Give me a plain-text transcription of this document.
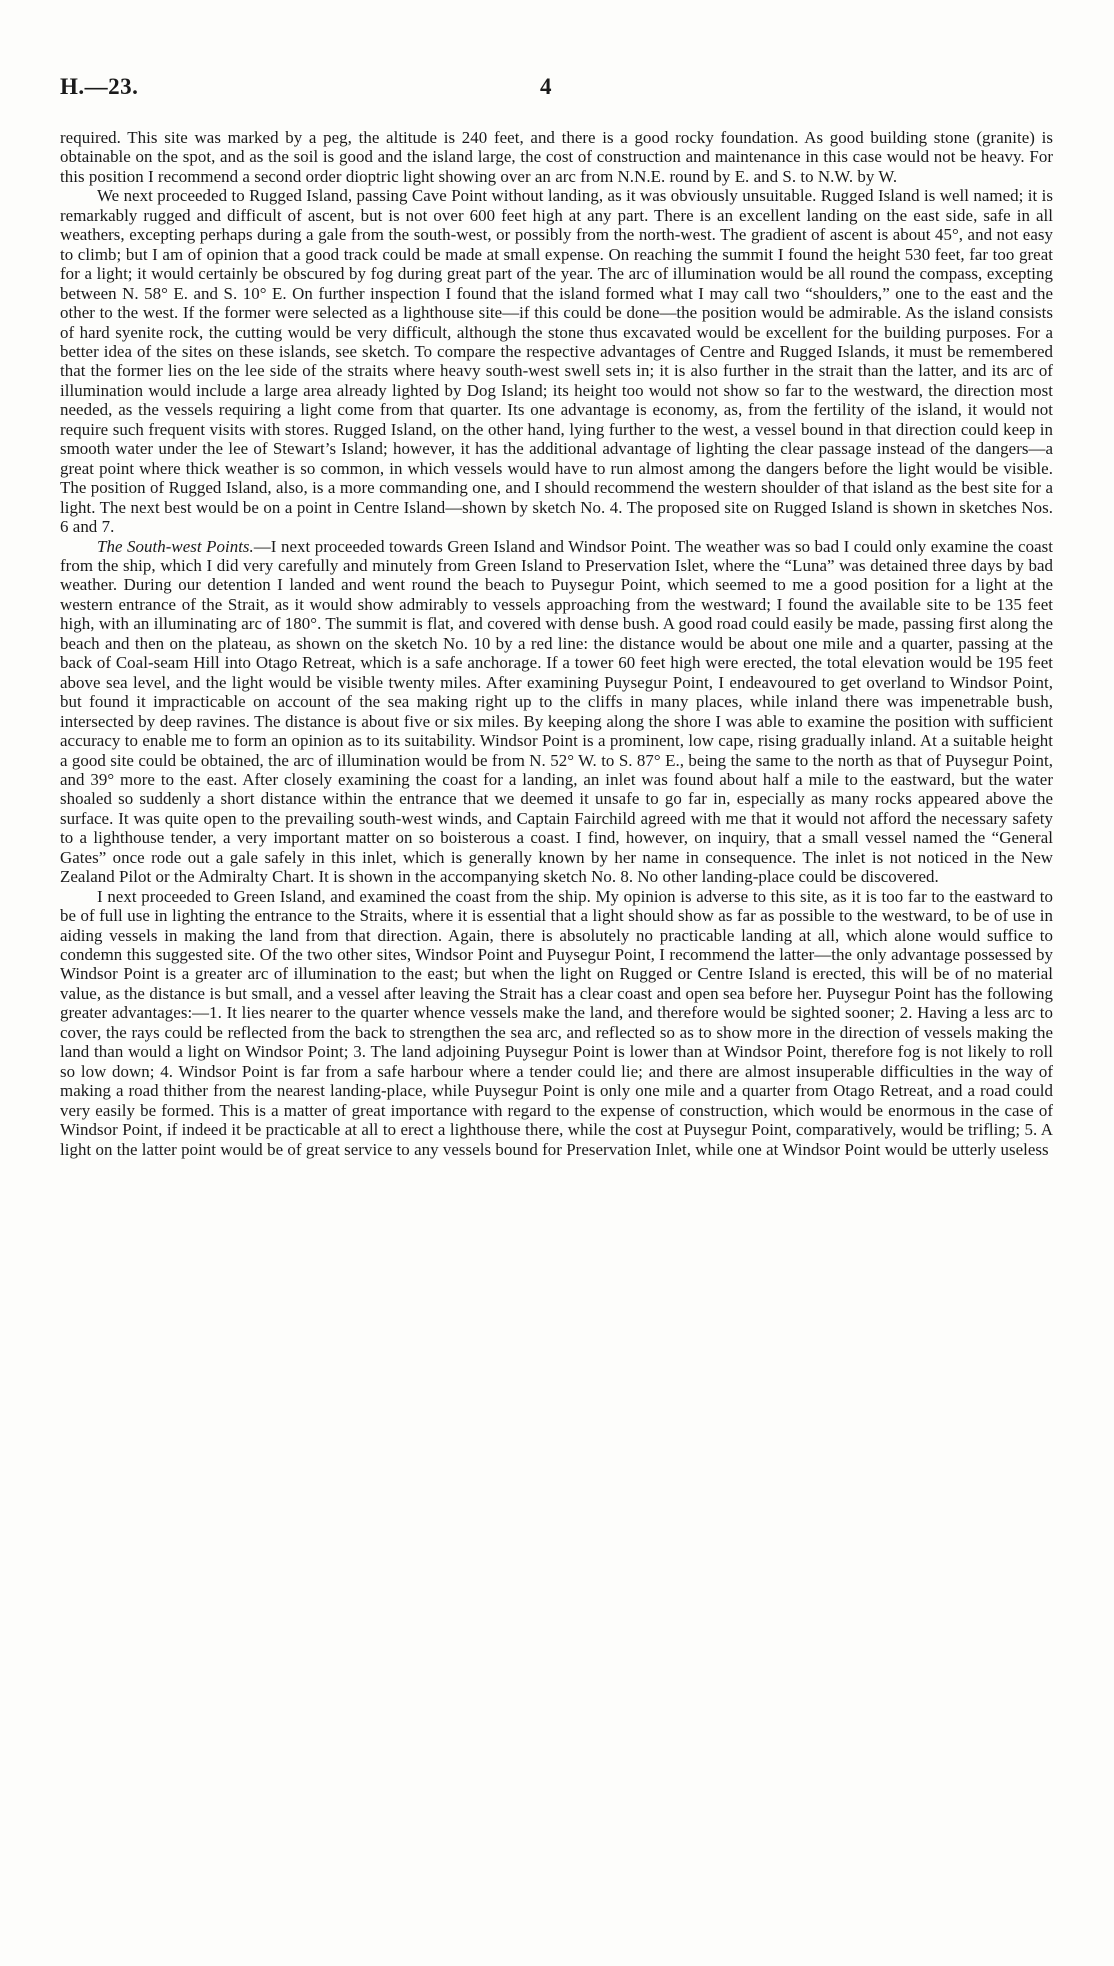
H.—23.	4

required. This site was marked by a peg, the altitude is 240 feet, and there is a good rocky foundation. As good building stone (granite) is obtainable on the spot, and as the soil is good and the island large, the cost of construction and maintenance in this case would not be heavy. For this position I recommend a second order dioptric light showing over an arc from N.N.E. round by E. and S. to N.W. by W.

We next proceeded to Rugged Island, passing Cave Point without landing, as it was obviously unsuitable. Rugged Island is well named; it is remarkably rugged and difficult of ascent, but is not over 600 feet high at any part. There is an excellent landing on the east side, safe in all weathers, excepting perhaps during a gale from the south-west, or possibly from the north-west. The gradient of ascent is about 45°, and not easy to climb; but I am of opinion that a good track could be made at small expense. On reaching the summit I found the height 530 feet, far too great for a light; it would certainly be obscured by fog during great part of the year. The arc of illumination would be all round the compass, excepting between N. 58° E. and S. 10° E. On further inspection I found that the island formed what I may call two “shoulders,” one to the east and the other to the west. If the former were selected as a lighthouse site—if this could be done—the position would be admirable. As the island consists of hard syenite rock, the cutting would be very difficult, although the stone thus excavated would be excellent for the building purposes. For a better idea of the sites on these islands, see sketch. To compare the respective advantages of Centre and Rugged Islands, it must be remembered that the former lies on the lee side of the straits where heavy south-west swell sets in; it is also further in the strait than the latter, and its arc of illumination would include a large area already lighted by Dog Island; its height too would not show so far to the westward, the direction most needed, as the vessels requiring a light come from that quarter. Its one advantage is economy, as, from the fertility of the island, it would not require such frequent visits with stores. Rugged Island, on the other hand, lying further to the west, a vessel bound in that direction could keep in smooth water under the lee of Stewart’s Island; however, it has the additional advantage of lighting the clear passage instead of the dangers—a great point where thick weather is so common, in which vessels would have to run almost among the dangers before the light would be visible. The position of Rugged Island, also, is a more commanding one, and I should recommend the western shoulder of that island as the best site for a light. The next best would be on a point in Centre Island—shown by sketch No. 4. The proposed site on Rugged Island is shown in sketches Nos. 6 and 7.

The South-west Points.—I next proceeded towards Green Island and Windsor Point. The weather was so bad I could only examine the coast from the ship, which I did very carefully and minutely from Green Island to Preservation Islet, where the “Luna” was detained three days by bad weather. During our detention I landed and went round the beach to Puysegur Point, which seemed to me a good position for a light at the western entrance of the Strait, as it would show admirably to vessels approaching from the westward; I found the available site to be 135 feet high, with an illuminating arc of 180°. The summit is flat, and covered with dense bush. A good road could easily be made, passing first along the beach and then on the plateau, as shown on the sketch No. 10 by a red line: the distance would be about one mile and a quarter, passing at the back of Coal-seam Hill into Otago Retreat, which is a safe anchorage. If a tower 60 feet high were erected, the total elevation would be 195 feet above sea level, and the light would be visible twenty miles. After examining Puysegur Point, I endeavoured to get overland to Windsor Point, but found it impracticable on account of the sea making right up to the cliffs in many places, while inland there was impenetrable bush, intersected by deep ravines. The distance is about five or six miles. By keeping along the shore I was able to examine the position with sufficient accuracy to enable me to form an opinion as to its suitability. Windsor Point is a prominent, low cape, rising gradually inland. At a suitable height a good site could be obtained, the arc of illumination would be from N. 52° W. to S. 87° E., being the same to the north as that of Puysegur Point, and 39° more to the east. After closely examining the coast for a landing, an inlet was found about half a mile to the eastward, but the water shoaled so suddenly a short distance within the entrance that we deemed it unsafe to go far in, especially as many rocks appeared above the surface. It was quite open to the prevailing south-west winds, and Captain Fairchild agreed with me that it would not afford the necessary safety to a lighthouse tender, a very important matter on so boisterous a coast. I find, however, on inquiry, that a small vessel named the “General Gates” once rode out a gale safely in this inlet, which is generally known by her name in consequence. The inlet is not noticed in the New Zealand Pilot or the Admiralty Chart. It is shown in the accompanying sketch No. 8. No other landing-place could be discovered.

I next proceeded to Green Island, and examined the coast from the ship. My opinion is adverse to this site, as it is too far to the eastward to be of full use in lighting the entrance to the Straits, where it is essential that a light should show as far as possible to the westward, to be of use in aiding vessels in making the land from that direction. Again, there is absolutely no practicable landing at all, which alone would suffice to condemn this suggested site. Of the two other sites, Windsor Point and Puysegur Point, I recommend the latter—the only advantage possessed by Windsor Point is a greater arc of illumination to the east; but when the light on Rugged or Centre Island is erected, this will be of no material value, as the distance is but small, and a vessel after leaving the Strait has a clear coast and open sea before her. Puysegur Point has the following greater advantages:—1. It lies nearer to the quarter whence vessels make the land, and therefore would be sighted sooner; 2. Having a less arc to cover, the rays could be reflected from the back to strengthen the sea arc, and reflected so as to show more in the direction of vessels making the land than would a light on Windsor Point; 3. The land adjoining Puysegur Point is lower than at Windsor Point, therefore fog is not likely to roll so low down; 4. Windsor Point is far from a safe harbour where a tender could lie; and there are almost insuperable difficulties in the way of making a road thither from the nearest landing-place, while Puysegur Point is only one mile and a quarter from Otago Retreat, and a road could very easily be formed. This is a matter of great importance with regard to the expense of construction, which would be enormous in the case of Windsor Point, if indeed it be practicable at all to erect a lighthouse there, while the cost at Puysegur Point, comparatively, would be trifling; 5. A light on the latter point would be of great service to any vessels bound for Preservation Inlet, while one at Windsor Point would be utterly useless
